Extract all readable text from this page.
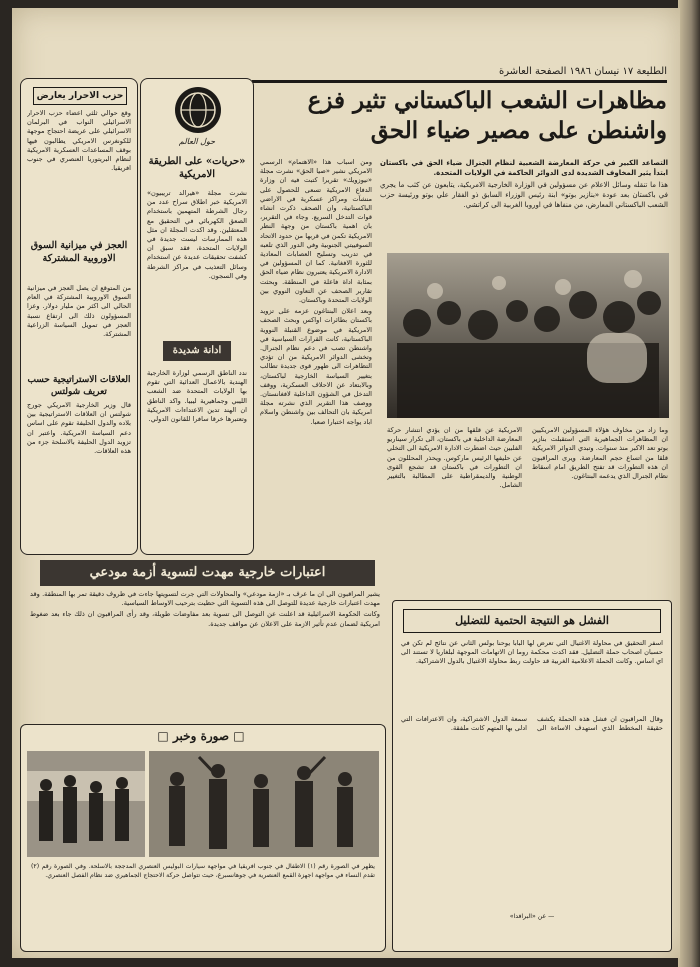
الطليعة ١٧ نيسان ١٩٨٦ الصفحة العاشرة
مظاهرات الشعب الباكستاني تثير فزع
واشنطن على مصير ضياء الحق

التصاعد الكبير في حركة المعارضة الشعبية لنظام الجنرال ضياء الحق في باكستان ابتدأ يثير المخاوف الشديدة لدى الدوائر الحاكمة في الولايات المتحدة.

هذا ما تنقله وسائل الاعلام عن مسؤولين في الوزارة الخارجية الامريكية، يتابعون عن كثب ما يجري في باكستان بعد عودة «بنازير بوتو» ابنة رئيس الوزراء السابق ذو الفقار علي بوتو ورئيسة حزب الشعب الباكستاني المعارض، من منفاها في اوروبا الغربية الى كراتشي.

ومن اسباب هذا «الاهتمام» الرسمي الامريكي نشير «صيا الحق» نشرت مجلة «نيوزويك» تقريرا كتبت فيه ان وزارة الدفاع الامريكية تسعى للحصول على منشآت ومراكز عسكرية في الاراضي الباكستانية، وان الصحف ذكرت انشاء قوات التدخل السريع. وجاء في التقرير، بان اهمية باكستان من وجهة النظر الامريكية تكمن في قربها من حدود الاتحاد السوفييتي الجنوبية وفي الدور الذي تلعبه في تدريب وتسليح العصابات المعادية للثورة الافغانية. كما ان المسؤولين في الادارة الامريكية يعتبرون نظام ضياء الحق بمثابة اداة فاعلة في المنطقة. وبحثت تقارير الصحف عن التعاون النووي بين الولايات المتحدة وباكستان.

وبعد اعلان البنتاغون عزمه على تزويد باكستان بطائرات اواكس وبحث الصحف الامريكية في موضوع القنبلة النووية الباكستانية، كانت القرارات السياسية في واشنطن تصب في دعم نظام الجنرال. وتخشى الدوائر الامريكية من ان تؤدي التظاهرات الى ظهور قوى جديدة تطالب بتغيير السياسة الخارجية لباكستان، وبالابتعاد عن الاحلاف العسكرية، ووقف التدخل في الشؤون الداخلية لافغانستان. ووصف هذا التقرير الذي نشرته مجلة امريكية بان التحالف بين واشنطن واسلام اباد يواجه اختبارا صعبا.

الامريكية عن قلقها من ان يؤدي انتشار حركة المعارضة الداخلية في باكستان، الى تكرار سيناريو الفلبين حيث اضطرت الادارة الامريكية الى التخلي عن حليفها الرئيس ماركوس. ويحذر المحللون من ان التطورات في باكستان قد تشجع القوى الوطنية والديمقراطية على المطالبة بالتغيير الشامل.

وما زاد من مخاوف هؤلاء المسؤولين الامريكيين ان المظاهرات الجماهيرية التي استقبلت بنازير بوتو تعد الاكبر منذ سنوات. وتبدي الدوائر الامريكية قلقا من اتساع حجم المعارضة. ويرى المراقبون ان هذه التطورات قد تفتح الطريق امام اسقاط نظام الجنرال الذي يدعمه البنتاغون.

حول العالم
«حريات» على الطريقة الامريكية

نشرت مجلة «هيرالد تريبيون» الامريكية خبر اطلاق سراح عدد من رجال الشرطة المتهمين باستخدام الصعق الكهربائي في التحقيق مع المعتقلين. وقد اكدت المجلة ان مثل هذه الممارسات ليست جديدة في الولايات المتحدة، فقد سبق ان كشفت تحقيقات عديدة عن استخدام وسائل التعذيب في مراكز الشرطة وفي السجون.

ادانة شديدة

ندد الناطق الرسمي لوزارة الخارجية الهندية بالاعمال العدائية التي تقوم بها الولايات المتحدة ضد الشعب الليبي وجماهيرية ليبيا. واكد الناطق ان الهند تدين الاعتداءات الامريكية وتعتبرها خرقا سافرا للقانون الدولي.

حزب الاحرار يعارض

وقع حوالي ثلثي اعضاء حزب الاحرار الاسرائيلي النواب في البرلمان الاسرائيلي على عريضة احتجاج موجهة للكونغرس الامريكي يطالبون فيها بوقف المساعدات العسكرية الامريكية لنظام البريتوريا العنصري في جنوب افريقيا.

العجز في ميزانية السوق الاوروبية المشتركة

من المتوقع ان يصل العجز في ميزانية السوق الاوروبية المشتركة في العام الحالي الى اكثر من مليار دولار. وعزا المسؤولون ذلك الى ارتفاع نسبة العجز في تمويل السياسة الزراعية المشتركة.

العلاقات الاستراتيجية حسب تعريف شولتس

قال وزير الخارجية الامريكي جورج شولتس ان العلاقات الاستراتيجية بين بلاده والدول الحليفة تقوم على اساس دعم السياسة الامريكية. واعتبر ان تزويد الدول الحليفة بالاسلحة جزء من هذه العلاقات.

اعتبارات خارجية مهدت لتسوية أزمة مودعي

يشير المراقبون الى ان ما عرف بـ «ازمة مودعي» والمحاولات التي جرت لتسويتها جاءت في ظروف دقيقة تمر بها المنطقة. وقد مهدت اعتبارات خارجية عديدة للتوصل الى هذه التسوية التي حظيت بترحيب الاوساط السياسية.

وكانت الحكومة الاسرائيلية قد اعلنت عن التوصل الى تسوية بعد مفاوضات طويلة، وقد رأى المراقبون ان ذلك جاء بعد ضغوط امريكية لضمان عدم تأثير الازمة على الاعلان عن مواقف جديدة.	الفشل هو النتيجة الحتمية للتضليل

اسفر التحقيق في محاولة الاغتيال التي تعرض لها البابا يوحنا بولس الثاني عن نتائج لم تكن في حسبان اصحاب حملة التضليل. فقد اكدت محكمة روما ان الاتهامات الموجهة لبلغاريا لا تستند الى اي اساس. وكانت الحملة الاعلامية الغربية قد حاولت ربط محاولة الاغتيال بالدول الاشتراكية.

وقال المراقبون ان فشل هذه الحملة يكشف حقيقة المخطط الذي استهدف الاساءة الى سمعة الدول الاشتراكية، وان الاعترافات التي ادلى بها المتهم كانت ملفقة.

□ صورة وخبر □
يظهر في الصورة رقم (١) الاطفال في جنوب افريقيا في مواجهة سيارات البوليس العنصري المدججة بالاسلحة. وفي الصورة رقم (٢) تقدم النساء في مواجهة اجهزة القمع العنصرية في جوهانسبرغ، حيث تتواصل حركة الاحتجاج الجماهيري ضد نظام الفصل العنصري.
— عن «البرافدا»
